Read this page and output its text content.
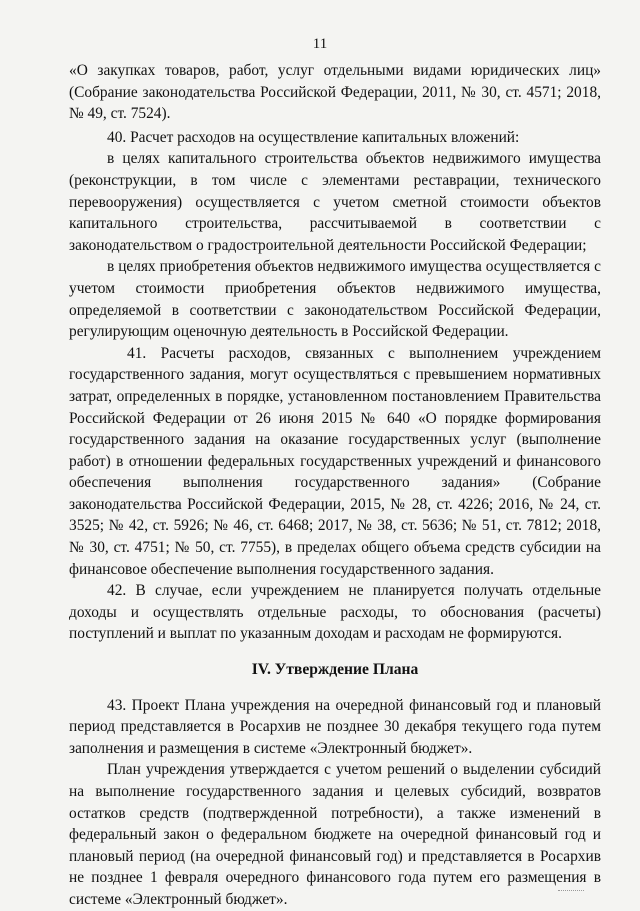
11

«О закупках товаров, работ, услуг отдельными видами юридических лиц» (Собрание законодательства Российской Федерации, 2011, № 30, ст. 4571; 2018, № 49, ст. 7524).

40. Расчет расходов на осуществление капитальных вложений:

в целях капитального строительства объектов недвижимого имущества (реконструкции, в том числе с элементами реставрации, технического перевооружения) осуществляется с учетом сметной стоимости объектов капитального строительства, рассчитываемой в соответствии с законодательством о градостроительной деятельности Российской Федерации;

в целях приобретения объектов недвижимого имущества осуществляется с учетом стоимости приобретения объектов недвижимого имущества, определяемой в соответствии с законодательством Российской Федерации, регулирующим оценочную деятельность в Российской Федерации.

41. Расчеты расходов, связанных с выполнением учреждением государственного задания, могут осуществляться с превышением нормативных затрат, определенных в порядке, установленном постановлением Правительства Российской Федерации от 26 июня 2015 № 640 «О порядке формирования государственного задания на оказание государственных услуг (выполнение работ) в отношении федеральных государственных учреждений и финансового обеспечения выполнения государственного задания» (Собрание законодательства Российской Федерации, 2015, № 28, ст. 4226; 2016, № 24, ст. 3525; № 42, ст. 5926; № 46, ст. 6468; 2017, № 38, ст. 5636; № 51, ст. 7812; 2018, № 30, ст. 4751; № 50, ст. 7755), в пределах общего объема средств субсидии на финансовое обеспечение выполнения государственного задания.

42. В случае, если учреждением не планируется получать отдельные доходы и осуществлять отдельные расходы, то обоснования (расчеты) поступлений и выплат по указанным доходам и расходам не формируются.

IV. Утверждение Плана

43. Проект Плана учреждения на очередной финансовый год и плановый период представляется в Росархив не позднее 30 декабря текущего года путем заполнения и размещения в системе «Электронный бюджет».

План учреждения утверждается с учетом решений о выделении субсидий на выполнение государственного задания и целевых субсидий, возвратов остатков средств (подтвержденной потребности), а также изменений в федеральный закон о федеральном бюджете на очередной финансовый год и плановый период (на очередной финансовый год) и представляется в Росархив не позднее 1 февраля очередного финансового года путем его размещения в системе «Электронный бюджет».
